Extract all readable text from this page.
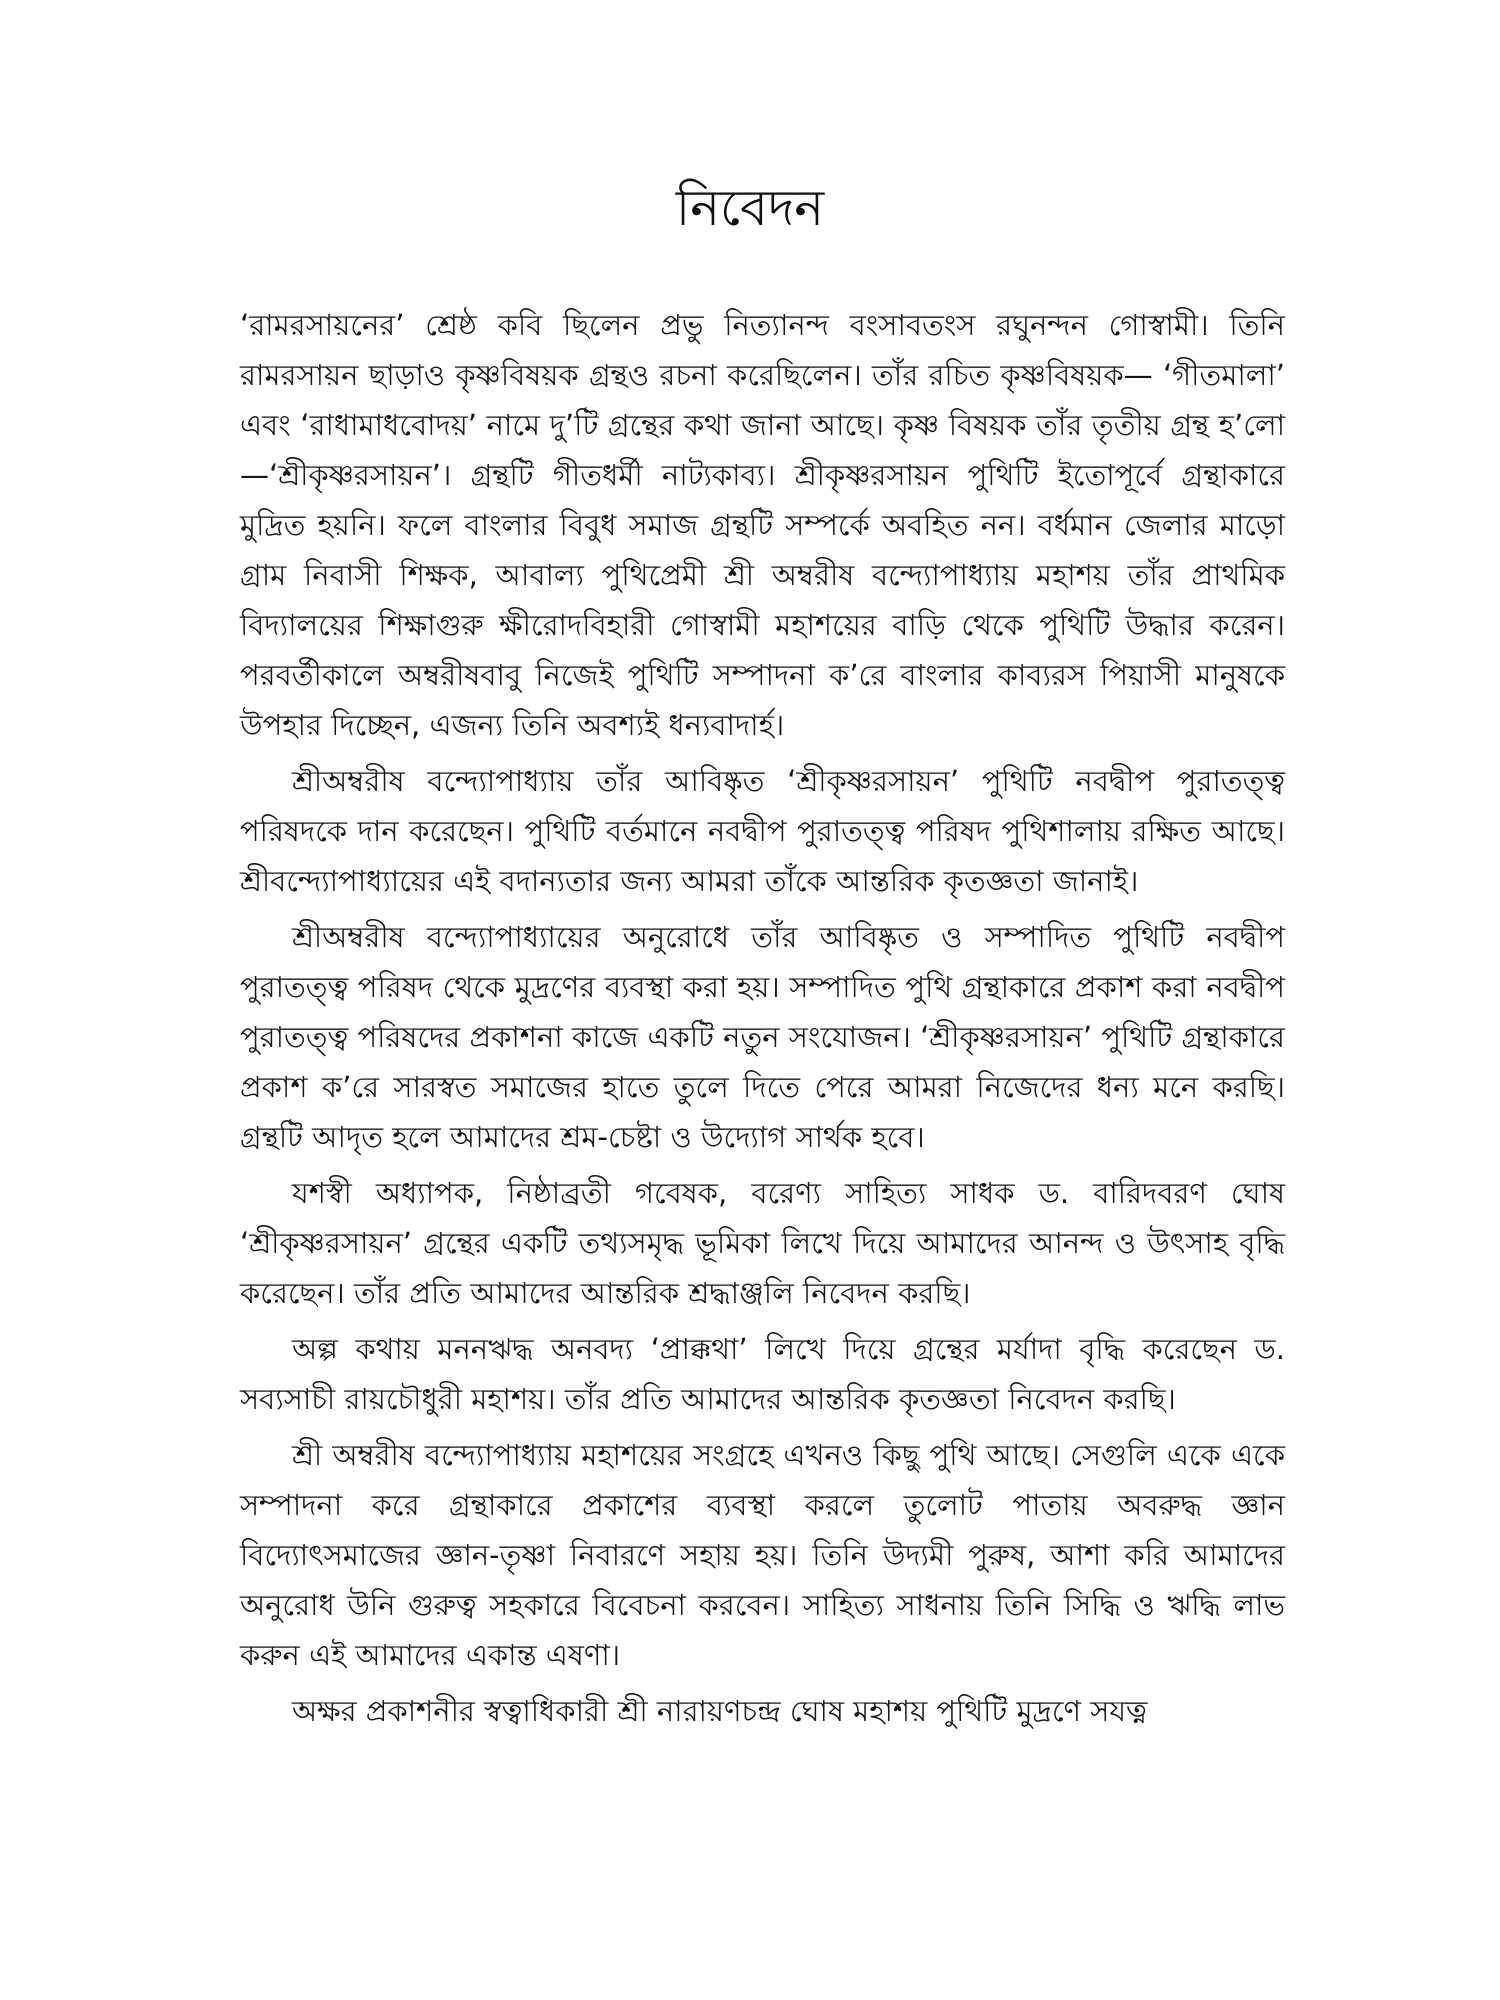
নিবেদন

‘রামরসায়নের’ শ্রেষ্ঠ কবি ছিলেন প্রভু নিত্যানন্দ বংসাবতংস রঘুনন্দন গোস্বামী। তিনি রামরসায়ন ছাড়াও কৃষ্ণবিষয়ক গ্রন্থও রচনা করেছিলেন। তাঁর রচিত কৃষ্ণবিষয়ক— ‘গীতমালা’ এবং ‘রাধামাধবোদয়’ নামে দু’টি গ্রন্থের কথা জানা আছে। কৃষ্ণ বিষয়ক তাঁর তৃতীয় গ্রন্থ হ’লো—‘শ্রীকৃষ্ণরসায়ন’। গ্রন্থটি গীতধর্মী নাট্যকাব্য। শ্রীকৃষ্ণরসায়ন পুথিটি ইতোপূর্বে গ্রন্থাকারে মুদ্রিত হয়নি। ফলে বাংলার বিবুধ সমাজ গ্রন্থটি সম্পর্কে অবহিত নন। বর্ধমান জেলার মাড়ো গ্রাম নিবাসী শিক্ষক, আবাল্য পুথিপ্রেমী শ্রী অম্বরীষ বন্দ্যোপাধ্যায় মহাশয় তাঁর প্রাথমিক বিদ্যালয়ের শিক্ষাগুরু ক্ষীরোদবিহারী গোস্বামী মহাশয়ের বাড়ি থেকে পুথিটি উদ্ধার করেন। পরবর্তীকালে অম্বরীষবাবু নিজেই পুথিটি সম্পাদনা ক’রে বাংলার কাব্যরস পিয়াসী মানুষকে উপহার দিচ্ছেন, এজন্য তিনি অবশ্যই ধন্যবাদার্হ।

শ্রীঅম্বরীষ বন্দ্যোপাধ্যায় তাঁর আবিষ্কৃত ‘শ্রীকৃষ্ণরসায়ন’ পুথিটি নবদ্বীপ পুরাতত্ত্ব পরিষদকে দান করেছেন। পুথিটি বর্তমানে নবদ্বীপ পুরাতত্ত্ব পরিষদ পুথিশালায় রক্ষিত আছে। শ্রীবন্দ্যোপাধ্যায়ের এই বদান্যতার জন্য আমরা তাঁকে আন্তরিক কৃতজ্ঞতা জানাই।

শ্রীঅম্বরীষ বন্দ্যোপাধ্যায়ের অনুরোধে তাঁর আবিষ্কৃত ও সম্পাদিত পুথিটি নবদ্বীপ পুরাতত্ত্ব পরিষদ থেকে মুদ্রণের ব্যবস্থা করা হয়। সম্পাদিত পুথি গ্রন্থাকারে প্রকাশ করা নবদ্বীপ পুরাতত্ত্ব পরিষদের প্রকাশনা কাজে একটি নতুন সংযোজন। ‘শ্রীকৃষ্ণরসায়ন’ পুথিটি গ্রন্থাকারে প্রকাশ ক’রে সারস্বত সমাজের হাতে তুলে দিতে পেরে আমরা নিজেদের ধন্য মনে করছি। গ্রন্থটি আদৃত হলে আমাদের শ্রম-চেষ্টা ও উদ্যোগ সার্থক হবে।

যশস্বী অধ্যাপক, নিষ্ঠাব্রতী গবেষক, বরেণ্য সাহিত্য সাধক ড. বারিদবরণ ঘোষ ‘শ্রীকৃষ্ণরসায়ন’ গ্রন্থের একটি তথ্যসমৃদ্ধ ভূমিকা লিখে দিয়ে আমাদের আনন্দ ও উৎসাহ বৃদ্ধি করেছেন। তাঁর প্রতি আমাদের আন্তরিক শ্রদ্ধাঞ্জলি নিবেদন করছি।

অল্প কথায় মননঋদ্ধ অনবদ্য ‘প্রাক্কথা’ লিখে দিয়ে গ্রন্থের মর্যাদা বৃদ্ধি করেছেন ড. সব্যসাচী রায়চৌধুরী মহাশয়। তাঁর প্রতি আমাদের আন্তরিক কৃতজ্ঞতা নিবেদন করছি।

শ্রী অম্বরীষ বন্দ্যোপাধ্যায় মহাশয়ের সংগ্রহে এখনও কিছু পুথি আছে। সেগুলি একে একে সম্পাদনা করে গ্রন্থাকারে প্রকাশের ব্যবস্থা করলে তুলোট পাতায় অবরুদ্ধ জ্ঞান বিদ্যোৎসমাজের জ্ঞান-তৃষ্ণা নিবারণে সহায় হয়। তিনি উদ্যমী পুরুষ, আশা করি আমাদের অনুরোধ উনি গুরুত্ব সহকারে বিবেচনা করবেন। সাহিত্য সাধনায় তিনি সিদ্ধি ও ঋদ্ধি লাভ করুন এই আমাদের একান্ত এষণা।

অক্ষর প্রকাশনীর স্বত্বাধিকারী শ্রী নারায়ণচন্দ্র ঘোষ মহাশয় পুথিটি মুদ্রণে সযত্ন
